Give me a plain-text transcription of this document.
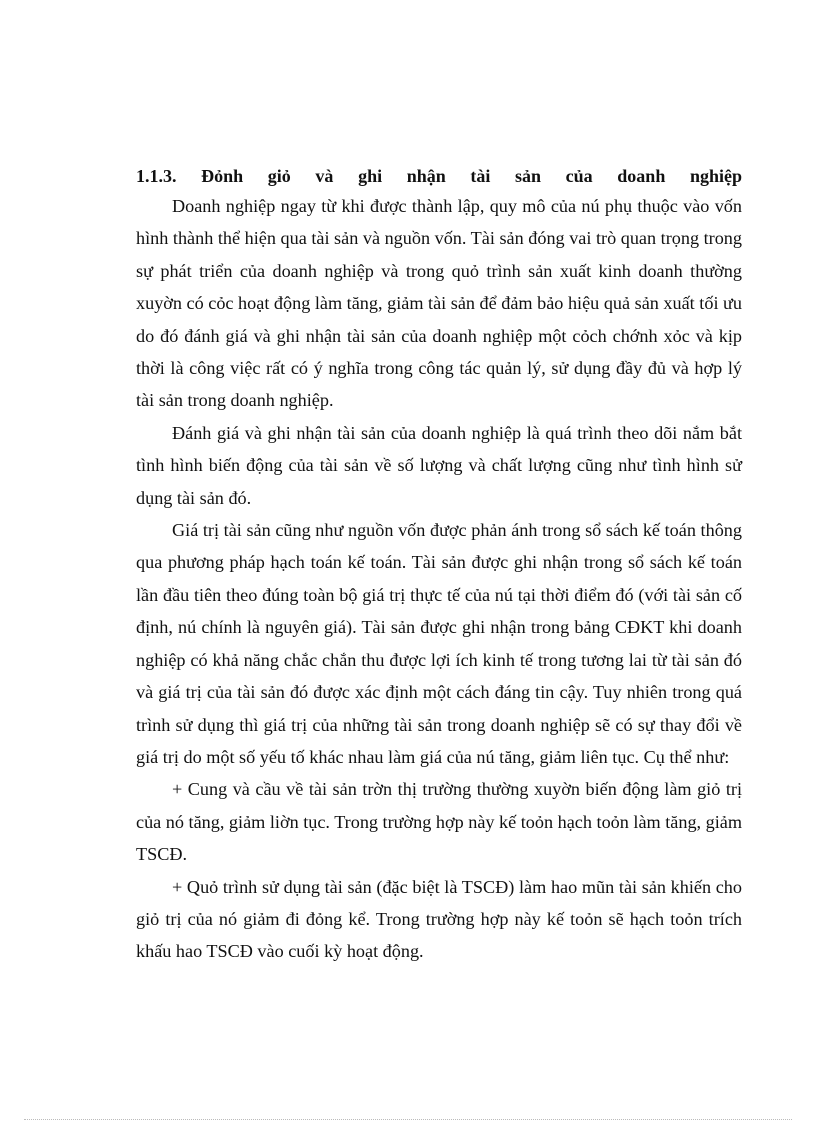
1.1.3. Đỏnh giỏ và ghi nhận tài sản của doanh nghiệp

Doanh nghiệp ngay từ khi được thành lập, quy mô của nú phụ thuộc vào vốn hình thành thể hiện qua tài sản và nguồn vốn. Tài sản đóng vai trò quan trọng trong sự phát triển của doanh nghiệp và trong quỏ trình sản xuất kinh doanh thường xuyờn có cỏc hoạt động làm tăng, giảm tài sản để đảm bảo hiệu quả sản xuất tối ưu do đó đánh giá và ghi nhận tài sản của doanh nghiệp một cỏch chớnh xỏc và kịp thời là công việc rất có ý nghĩa trong công tác quản lý, sử dụng đầy đủ và hợp lý tài sản trong doanh nghiệp.

Đánh giá và ghi nhận tài sản của doanh nghiệp là quá trình theo dõi nắm bắt tình hình biến động của tài sản về số lượng và chất lượng cũng như tình hình sử dụng tài sản đó.

Giá trị tài sản cũng như nguồn vốn được phản ánh trong sổ sách kế toán thông qua phương pháp hạch toán kế toán. Tài sản được ghi nhận trong sổ sách kế toán lần đầu tiên theo đúng toàn bộ giá trị thực tế của nú tại thời điểm đó (với tài sản cố định, nú chính là nguyên giá). Tài sản được ghi nhận trong bảng CĐKT khi doanh nghiệp có khả năng chắc chắn thu được lợi ích kinh tế trong tương lai từ tài sản đó và giá trị của tài sản đó được xác định một cách đáng tin cậy. Tuy nhiên trong quá trình sử dụng thì giá trị của những tài sản trong doanh nghiệp sẽ có sự thay đổi về giá trị do một số yếu tố khác nhau làm giá của nú tăng, giảm liên tục. Cụ thể như:

+ Cung và cầu về tài sản trờn thị trường thường xuyờn biến động làm giỏ trị của nó tăng, giảm liờn tục. Trong trường hợp này kế toỏn hạch toỏn làm tăng, giảm TSCĐ.

+ Quỏ trình sử dụng tài sản (đặc biệt là TSCĐ) làm hao mũn tài sản khiến cho giỏ trị của nó giảm đi đỏng kể. Trong trường hợp này kế toỏn sẽ hạch toỏn trích khấu hao TSCĐ vào cuối kỳ hoạt động.
